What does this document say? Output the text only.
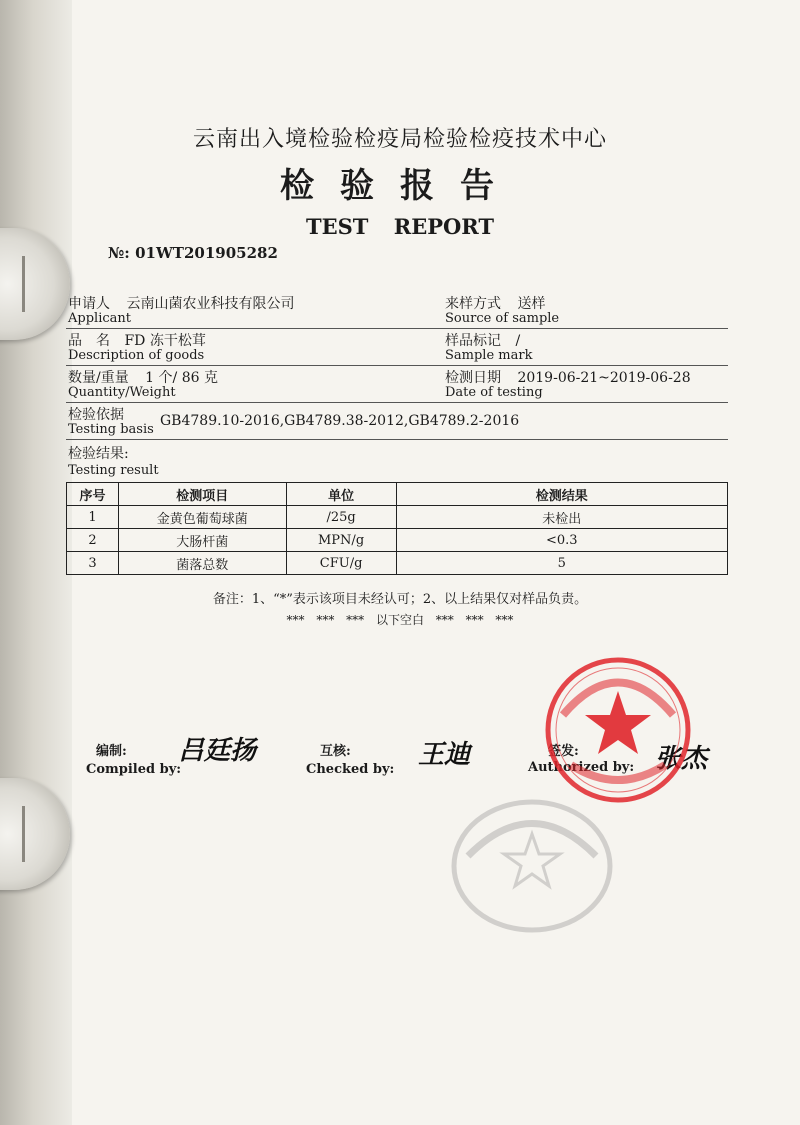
云南出入境检验检疫局检验检疫技术中心
检验报告
TEST REPORT
№: 01WT201905282
申请人 云南山菌农业科技有限公司
Applicant
来样方式 送样
Source of sample
品　名 FD 冻干松茸
Description of goods
样品标记 /
Sample mark
数量/重量 1 个/ 86 克
Quantity/Weight
检测日期 2019-06-21~2019-06-28
Date of testing
检验依据
Testing basis
GB4789.10-2016,GB4789.38-2012,GB4789.2-2016
检验结果:
Testing result
序号	检测项目	单位	检测结果
1	金黄色葡萄球菌	/25g	未检出
2	大肠杆菌	MPN/g	<0.3
3	菌落总数	CFU/g	5
备注：1、“*”表示该项目未经认可；2、以上结果仅对样品负责。
*** *** *** 以下空白 *** *** ***
编制:
Compiled by:
吕廷扬	互核:
Checked by: 王迪	签发:
Authorized by: 张杰
